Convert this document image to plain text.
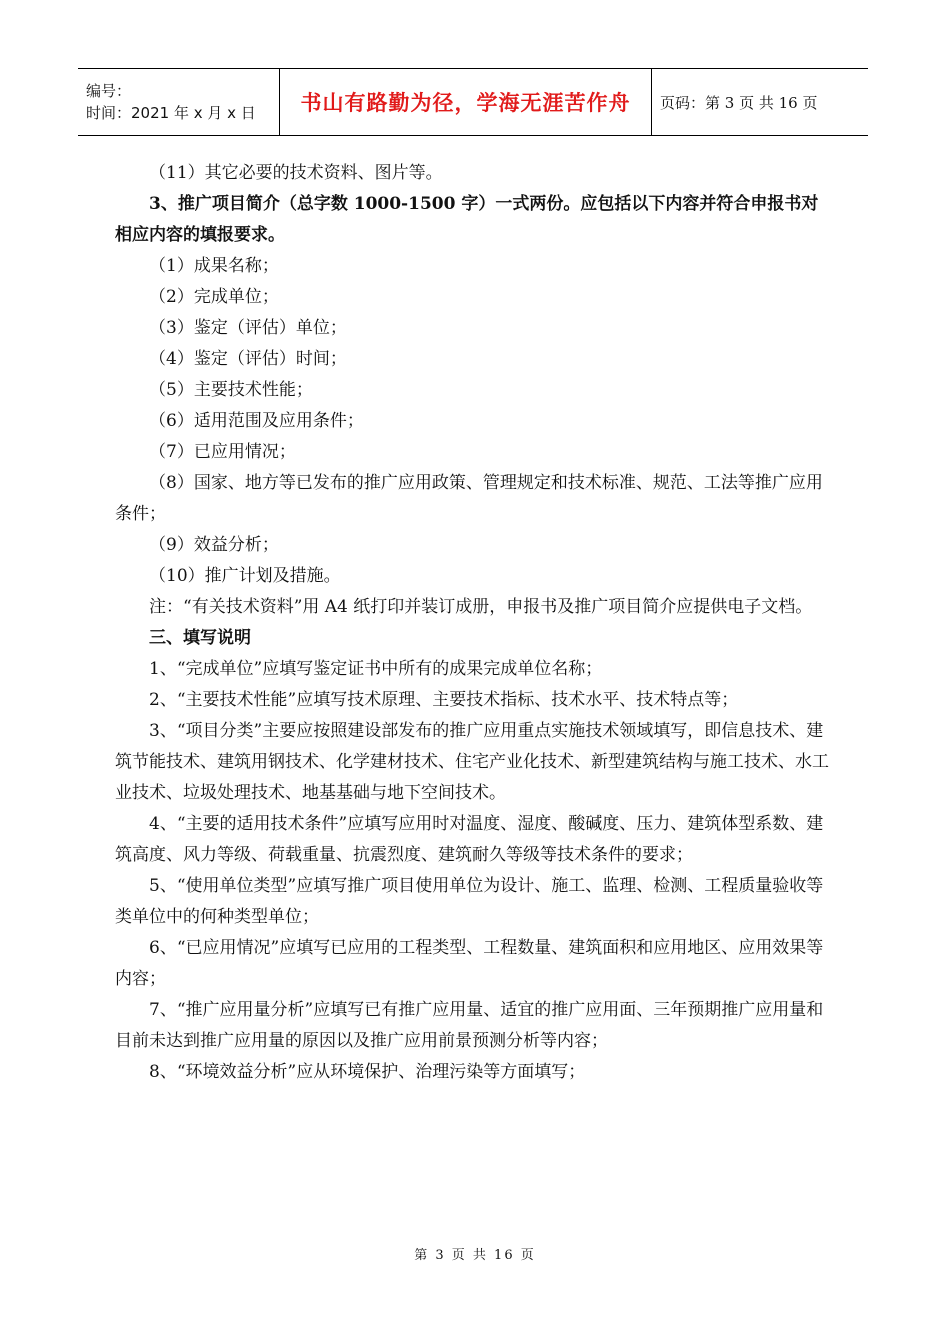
编号：
时间：2021 年 x 月 x 日	书山有路勤为径，学海无涯苦作舟 页码：第 3 页 共 16 页

（11）其它必要的技术资料、图片等。

3、推广项目简介（总字数 1000-1500 字）一式两份。应包括以下内容并符合申报书对相应内容的填报要求。

（1）成果名称；

（2）完成单位；

（3）鉴定（评估）单位；

（4）鉴定（评估）时间；

（5）主要技术性能；

（6）适用范围及应用条件；

（7）已应用情况；

（8）国家、地方等已发布的推广应用政策、管理规定和技术标准、规范、工法等推广应用条件；

（9）效益分析；

（10）推广计划及措施。

注：“有关技术资料”用 A4 纸打印并装订成册，申报书及推广项目简介应提供电子文档。

三、填写说明

1、“完成单位”应填写鉴定证书中所有的成果完成单位名称；

2、“主要技术性能”应填写技术原理、主要技术指标、技术水平、技术特点等；

3、“项目分类”主要应按照建设部发布的推广应用重点实施技术领域填写，即信息技术、建筑节能技术、建筑用钢技术、化学建材技术、住宅产业化技术、新型建筑结构与施工技术、水工业技术、垃圾处理技术、地基基础与地下空间技术。

4、“主要的适用技术条件”应填写应用时对温度、湿度、酸碱度、压力、建筑体型系数、建筑高度、风力等级、荷载重量、抗震烈度、建筑耐久等级等技术条件的要求；

5、“使用单位类型”应填写推广项目使用单位为设计、施工、监理、检测、工程质量验收等类单位中的何种类型单位；

6、“已应用情况”应填写已应用的工程类型、工程数量、建筑面积和应用地区、应用效果等内容；

7、“推广应用量分析”应填写已有推广应用量、适宜的推广应用面、三年预期推广应用量和目前未达到推广应用量的原因以及推广应用前景预测分析等内容；

8、“环境效益分析”应从环境保护、治理污染等方面填写；

第 3 页 共 16 页
